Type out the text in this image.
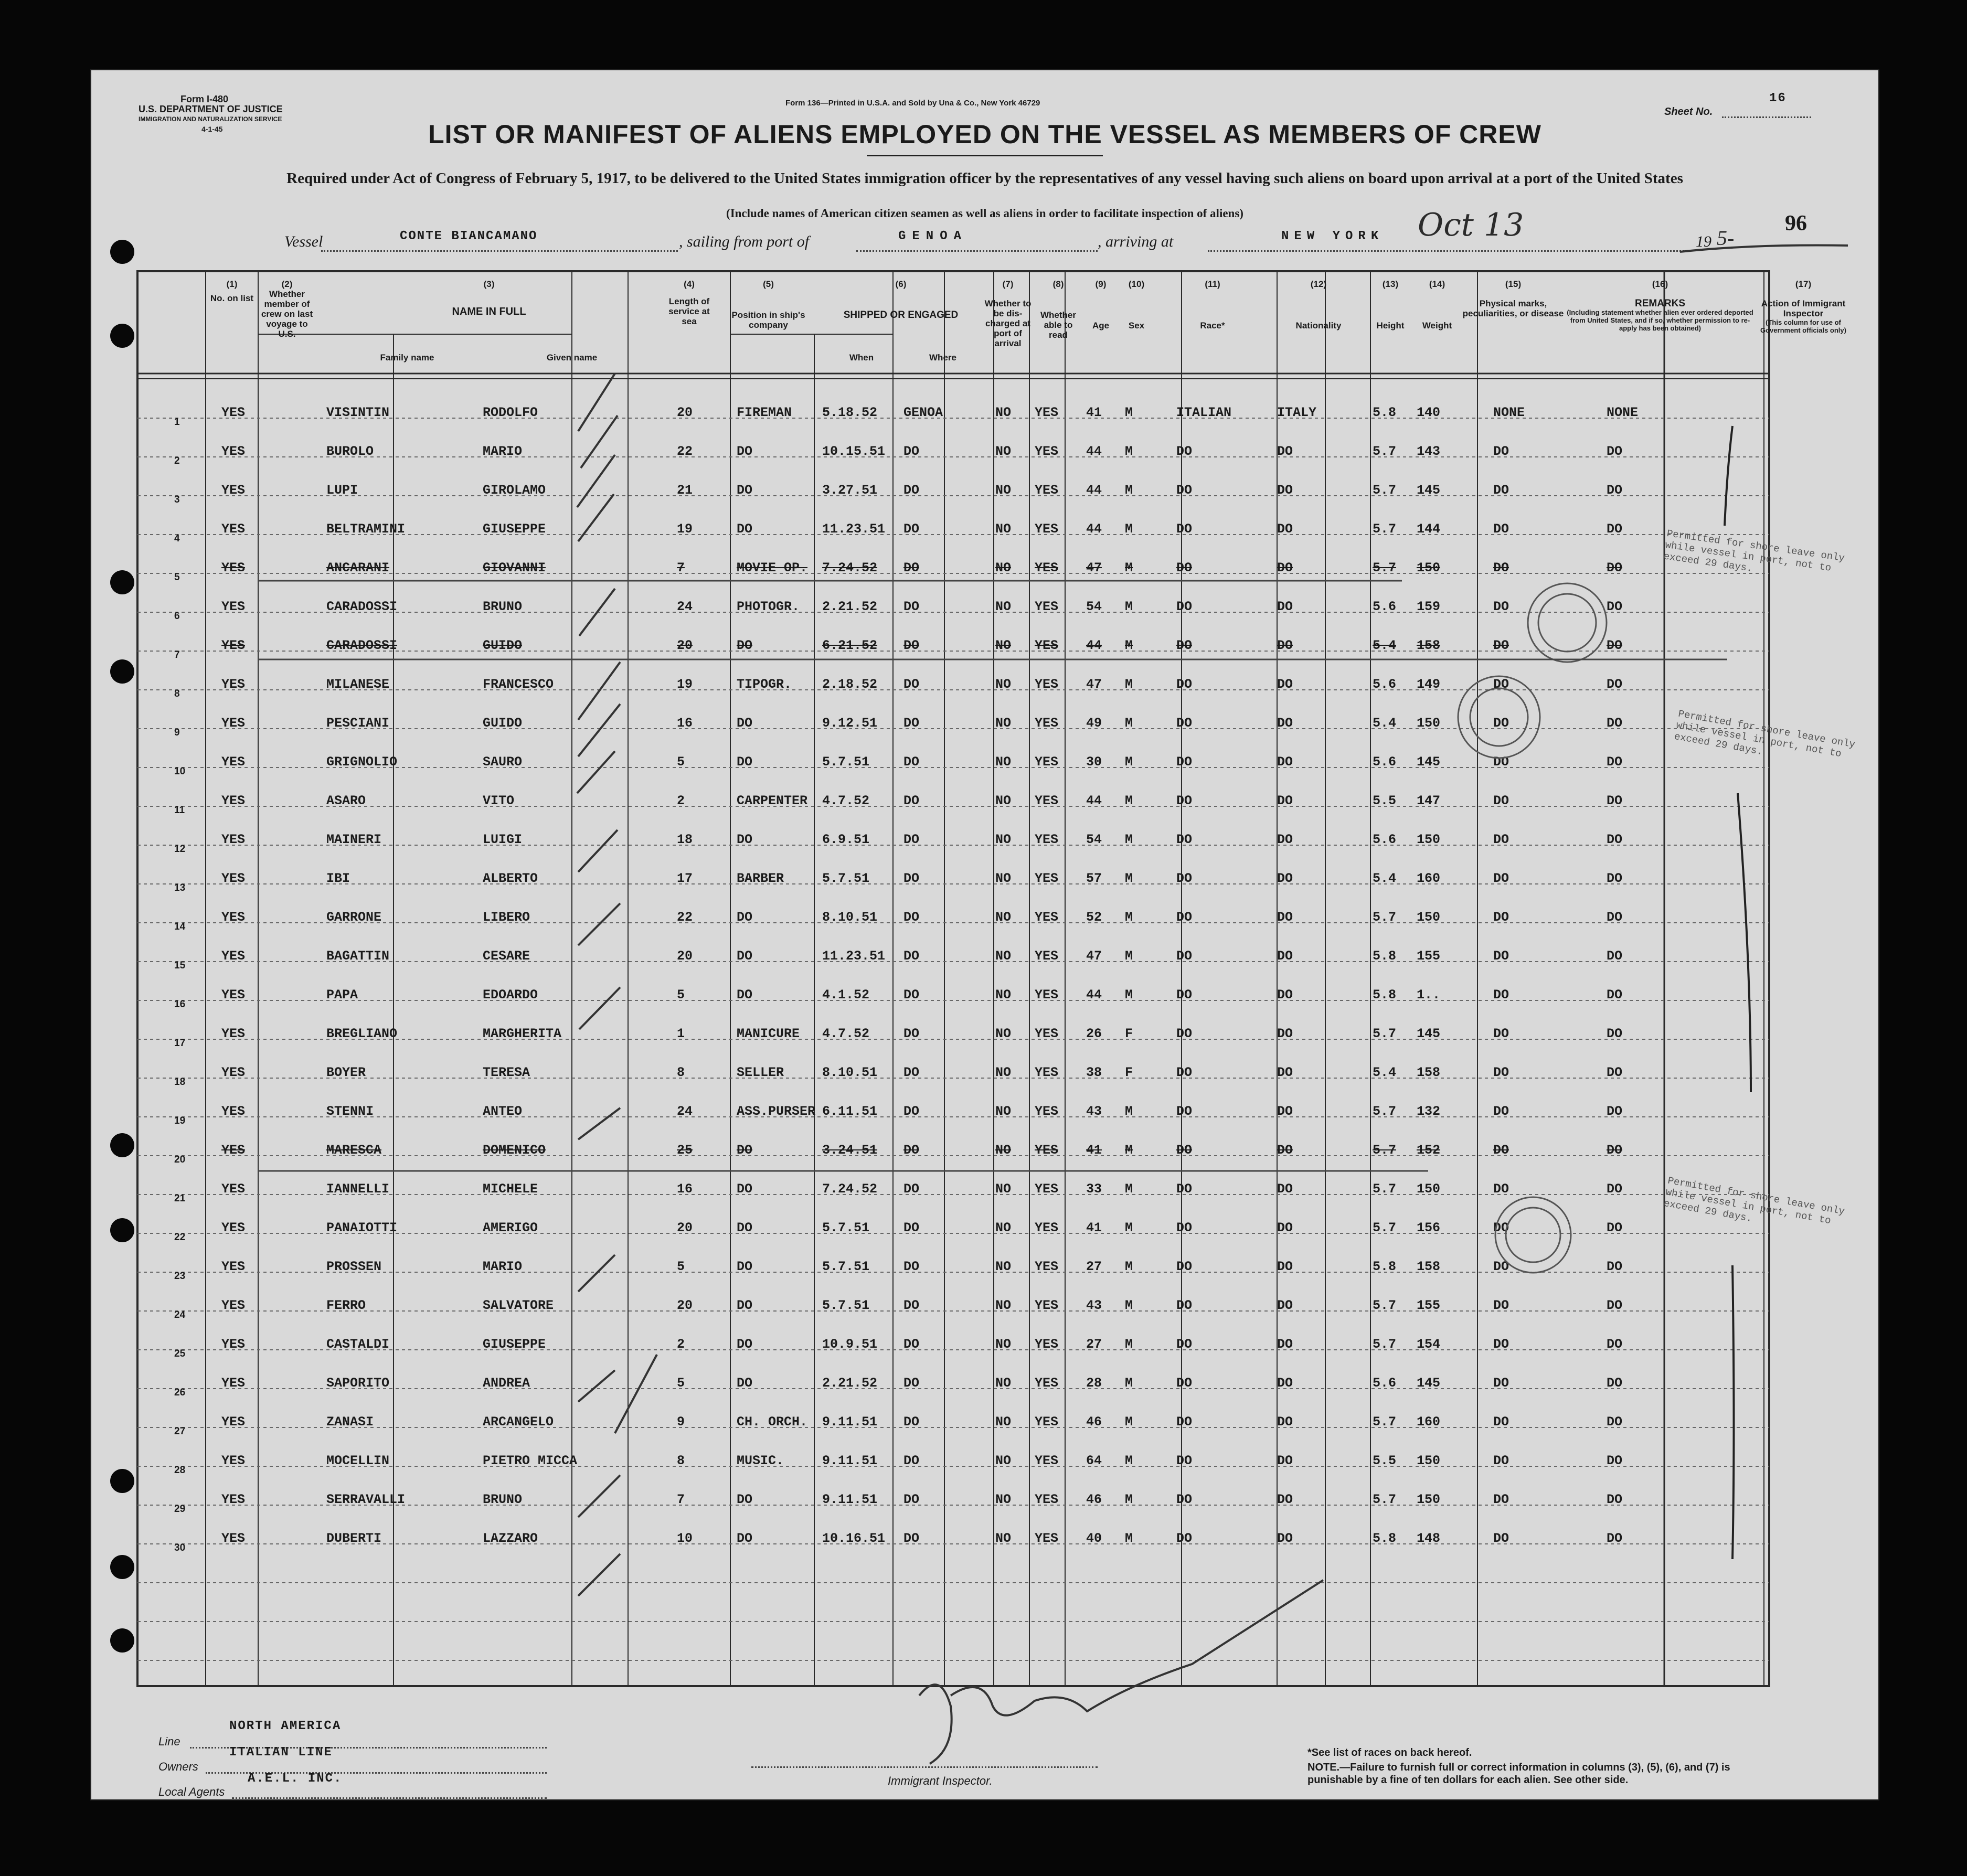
Form I-480
U.S. DEPARTMENT OF JUSTICE
IMMIGRATION AND NATURALIZATION SERVICE
4-1-45
Form 136—Printed in U.S.A. and Sold by Una & Co., New York 46729
Sheet No.
16
96
LIST OR MANIFEST OF ALIENS EMPLOYED ON THE VESSEL AS MEMBERS OF CREW
Required under Act of Congress of February 5, 1917, to be delivered to the United States immigration officer by the representatives of any vessel having such aliens on board upon arrival at a port of the United States
(Include names of American citizen seamen as well as aliens in order to facilitate inspection of aliens)
Vessel	CONTE BIANCAMANO	, sailing from port of	GENOA	, arriving at	NEW YORK Oct 13	19 5-
(1)
No. on list
(2)
Whether member of crew on last voyage to U.S.
(3)
NAME IN FULL
Family name	Given name
(4)
Length of service at sea
(5)
Position in ship's company
(6)
SHIPPED OR ENGAGED
When	Where
(7)
Whether to be dis-charged at port of arrival
(8)
Whether able to read
(9)
Age
(10)
Sex
(11)
Race*
(12)
Nationality
(13)
Height
(14)
Weight
(15)
Physical marks, peculiarities, or disease
(16)
REMARKS
(Including statement whether alien ever ordered deported from United States, and if so, whether permission to re-apply has been obtained)
(17)
Action of Immigrant Inspector
(This column for use of Government officials only)
1
YES	VISINTIN	RODOLFO	20	FIREMAN 5.18.52 GENOA	NO YES 41 M	ITALIAN	ITALY	5.8 140	NONE	NONE
2
YES	BUROLO	MARIO	22	DO	10.15.51 DO	NO YES 44 M	DO	DO	5.7 143	DO	DO
3
YES	LUPI	GIROLAMO	21	DO	3.27.51 DO	NO YES 44 M	DO	DO	5.7 145	DO	DO
4
YES	BELTRAMINI	GIUSEPPE	19	DO	11.23.51 DO	NO YES 44 M	DO	DO	5.7 144	DO	DO
5
YES	ANCARANI	GIOVANNI	7	MOVIE OP. 7.24.52 DO	NO YES 47 M	DO	DO	5.7 150	DO	DO
6
YES	CARADOSSI	BRUNO	24	PHOTOGR. 2.21.52 DO	NO YES 54 M	DO	DO	5.6 159	DO	DO
7
YES	CARADOSSI	GUIDO	20	DO	6.21.52 DO	NO YES 44 M	DO	DO	5.4 158	DO	DO
8
YES	MILANESE	FRANCESCO	19	TIPOGR. 2.18.52 DO	NO YES 47 M	DO	DO	5.6 149	DO	DO
9
YES	PESCIANI	GUIDO	16	DO	9.12.51 DO	NO YES 49 M	DO	DO	5.4 150	DO	DO
10
YES	GRIGNOLIO	SAURO	5	DO	5.7.51	DO	NO YES 30 M	DO	DO	5.6 145	DO	DO
11
YES	ASARO	VITO	2	CARPENTER 4.7.52	DO	NO YES 44 M	DO	DO	5.5 147	DO	DO
12
YES	MAINERI	LUIGI	18	DO	6.9.51	DO	NO YES 54 M	DO	DO	5.6 150	DO	DO
13
YES	IBI	ALBERTO	17	BARBER	5.7.51	DO	NO YES 57 M	DO	DO	5.4 160	DO	DO
14
YES	GARRONE	LIBERO	22	DO	8.10.51 DO	NO YES 52 M	DO	DO	5.7 150	DO	DO
15
YES	BAGATTIN	CESARE	20	DO	11.23.51 DO	NO YES 47 M	DO	DO	5.8 155	DO	DO
16
YES	PAPA	EDOARDO	5	DO	4.1.52	DO	NO YES 44 M	DO	DO	5.8 1..	DO	DO
17
YES	BREGLIANO	MARGHERITA	1	MANICURE 4.7.52	DO	NO YES 26 F	DO	DO	5.7 145	DO	DO
18
YES	BOYER	TERESA	8	SELLER	8.10.51 DO	NO YES 38 F	DO	DO	5.4 158	DO	DO
19
YES	STENNI	ANTEO	24	ASS.PURSER 6.11.51 DO	NO YES 43 M	DO	DO	5.7 132	DO	DO
20
YES	MARESCA	DOMENICO	25	DO	3.24.51 DO	NO YES 41 M	DO	DO	5.7 152	DO	DO
21
YES	IANNELLI	MICHELE	16	DO	7.24.52 DO	NO YES 33 M	DO	DO	5.7 150	DO	DO
22
YES	PANAIOTTI	AMERIGO	20	DO	5.7.51	DO	NO YES 41 M	DO	DO	5.7 156	DO	DO
23
YES	PROSSEN	MARIO	5	DO	5.7.51	DO	NO YES 27 M	DO	DO	5.8 158	DO	DO
24
YES	FERRO	SALVATORE	20	DO	5.7.51	DO	NO YES 43 M	DO	DO	5.7 155	DO	DO
25
YES	CASTALDI	GIUSEPPE	2	DO	10.9.51 DO	NO YES 27 M	DO	DO	5.7 154	DO	DO
26
YES	SAPORITO	ANDREA	5	DO	2.21.52 DO	NO YES 28 M	DO	DO	5.6 145	DO	DO
27
YES	ZANASI	ARCANGELO	9	CH. ORCH. 9.11.51 DO	NO YES 46 M	DO	DO	5.7 160	DO	DO
28
YES	MOCELLIN	PIETRO MICCA	8	MUSIC.	9.11.51 DO	NO YES 64 M	DO	DO	5.5 150	DO	DO
29
YES	SERRAVALLI	BRUNO	7	DO	9.11.51 DO	NO YES 46 M	DO	DO	5.7 150	DO	DO
30
YES	DUBERTI	LAZZARO	10	DO	10.16.51 DO	NO YES 40 M	DO	DO	5.8 148	DO	DO
Permitted for shore leave only while vessel in port, not to exceed 29 days.
Permitted for shore leave only while vessel in port, not to exceed 29 days.
Permitted for shore leave only while vessel in port, not to exceed 29 days.
Line
NORTH AMERICA
Owners
ITALIAN LINE
Local Agents
A.E.L. INC.	Immigrant Inspector.
*See list of races on back hereof.
NOTE.—Failure to furnish full or correct information in columns (3), (5), (6), and (7) is punishable by a fine of ten dollars for each alien. See other side.
